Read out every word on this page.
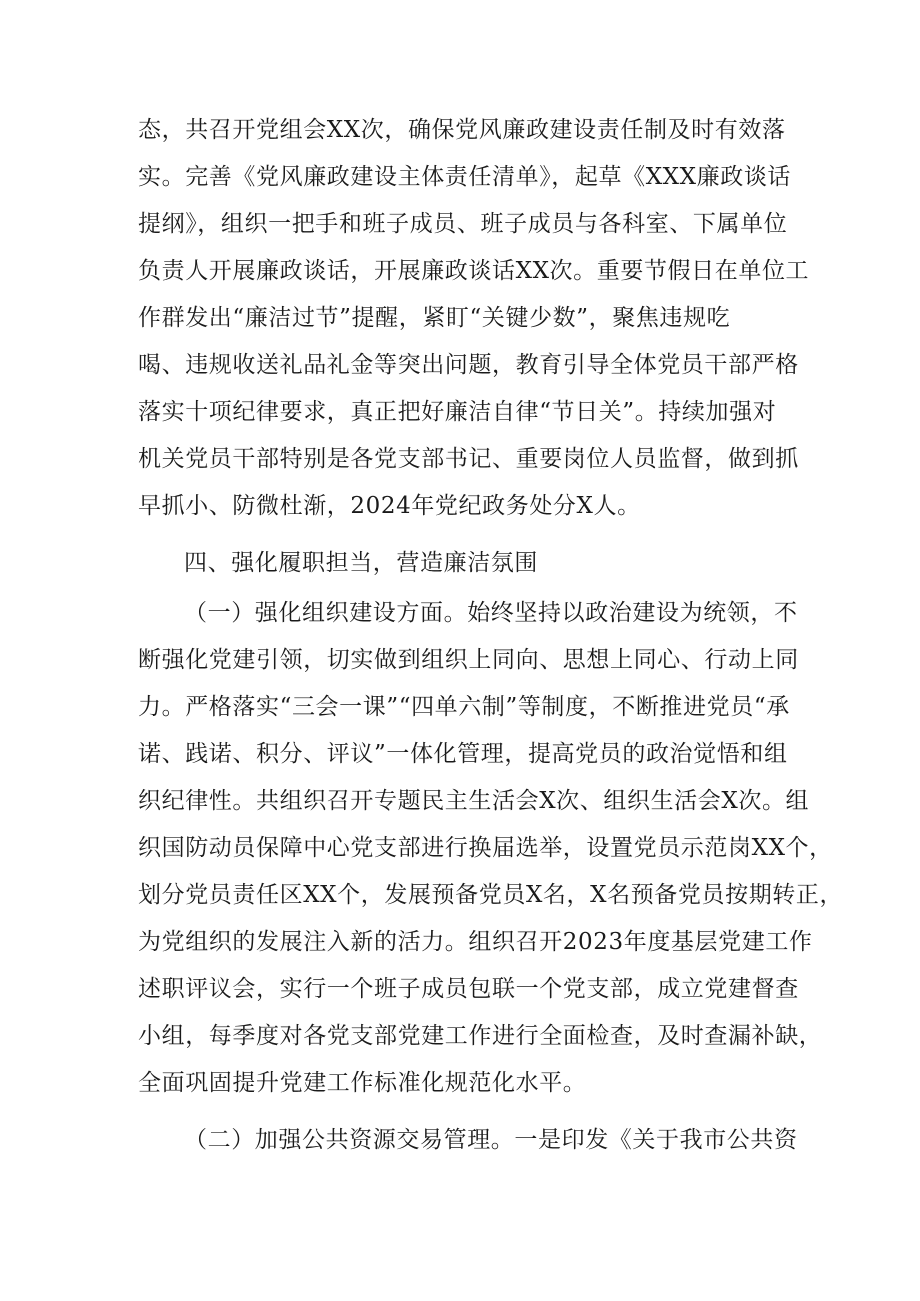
态，共召开党组会XX次，确保党风廉政建设责任制及时有效落
实。完善《党风廉政建设主体责任清单》，起草《XXX廉政谈话
提纲》，组织一把手和班子成员、班子成员与各科室、下属单位
负责人开展廉政谈话，开展廉政谈话XX次。重要节假日在单位工
作群发出“廉洁过节”提醒，紧盯“关键少数”，聚焦违规吃
喝、违规收送礼品礼金等突出问题，教育引导全体党员干部严格
落实十项纪律要求，真正把好廉洁自律“节日关”。持续加强对
机关党员干部特别是各党支部书记、重要岗位人员监督，做到抓
早抓小、防微杜渐，2024年党纪政务处分X人。
四、强化履职担当，营造廉洁氛围
（一）强化组织建设方面。始终坚持以政治建设为统领，不
断强化党建引领，切实做到组织上同向、思想上同心、行动上同
力。严格落实“三会一课”“四单六制”等制度，不断推进党员“承
诺、践诺、积分、评议”一体化管理，提高党员的政治觉悟和组
织纪律性。共组织召开专题民主生活会X次、组织生活会X次。组
织国防动员保障中心党支部进行换届选举，设置党员示范岗XX个，
划分党员责任区XX个，发展预备党员X名，X名预备党员按期转正，
为党组织的发展注入新的活力。组织召开2023年度基层党建工作
述职评议会，实行一个班子成员包联一个党支部，成立党建督查
小组，每季度对各党支部党建工作进行全面检查，及时查漏补缺，
全面巩固提升党建工作标准化规范化水平。
（二）加强公共资源交易管理。一是印发《关于我市公共资
